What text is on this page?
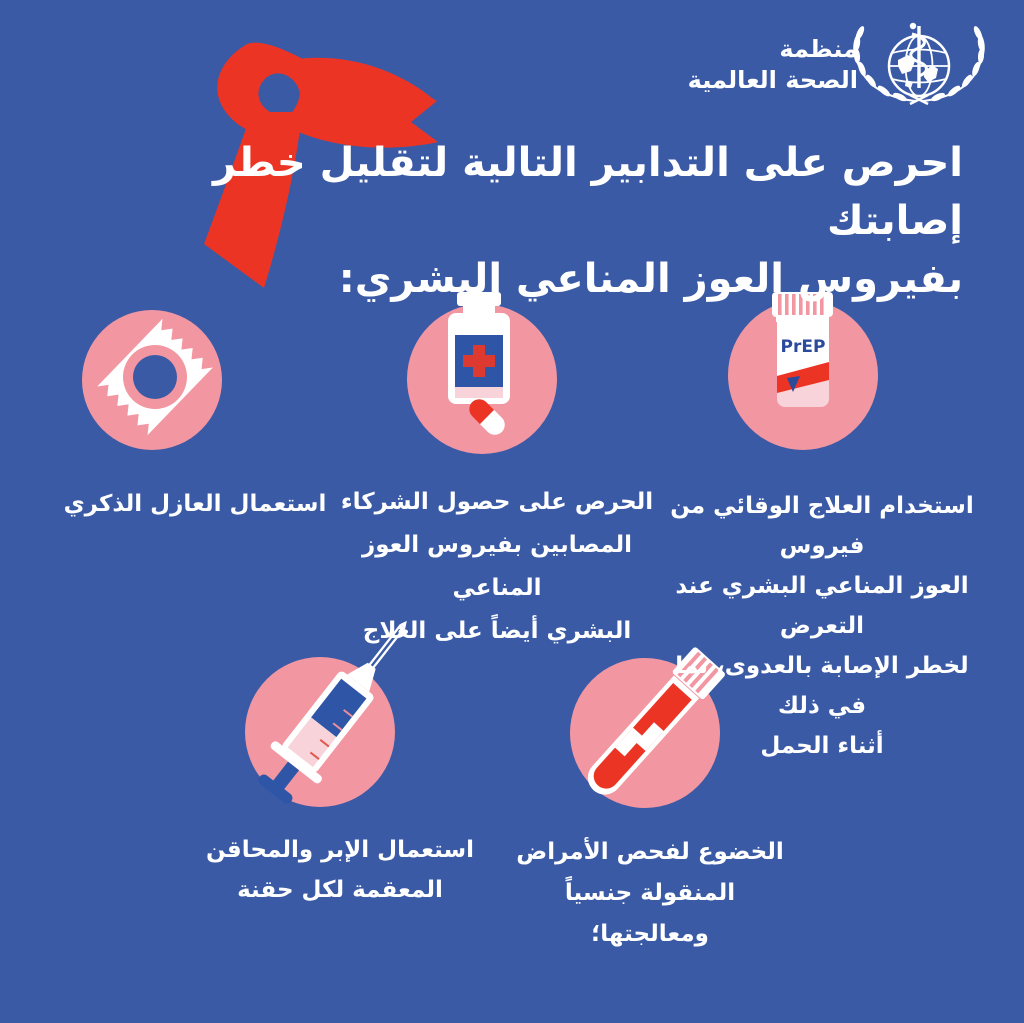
PrEP
منظمة
الصحة العالمية
احرص على التدابير التالية لتقليل خطر إصابتك
بفيروس العوز المناعي البشري:
استعمال العازل الذكري الحرص على حصول الشركاء
المصابين بفيروس العوز المناعي
البشري أيضاً على العلاج
استخدام العلاج الوقائي من فيروس
العوز المناعي البشري عند التعرض
لخطر الإصابة بالعدوى، بما في ذلك
أثناء الحمل
استعمال الإبر والمحاقن
المعقمة لكل حقنة
الخضوع لفحص الأمراض
المنقولة جنسياً
ومعالجتها؛
